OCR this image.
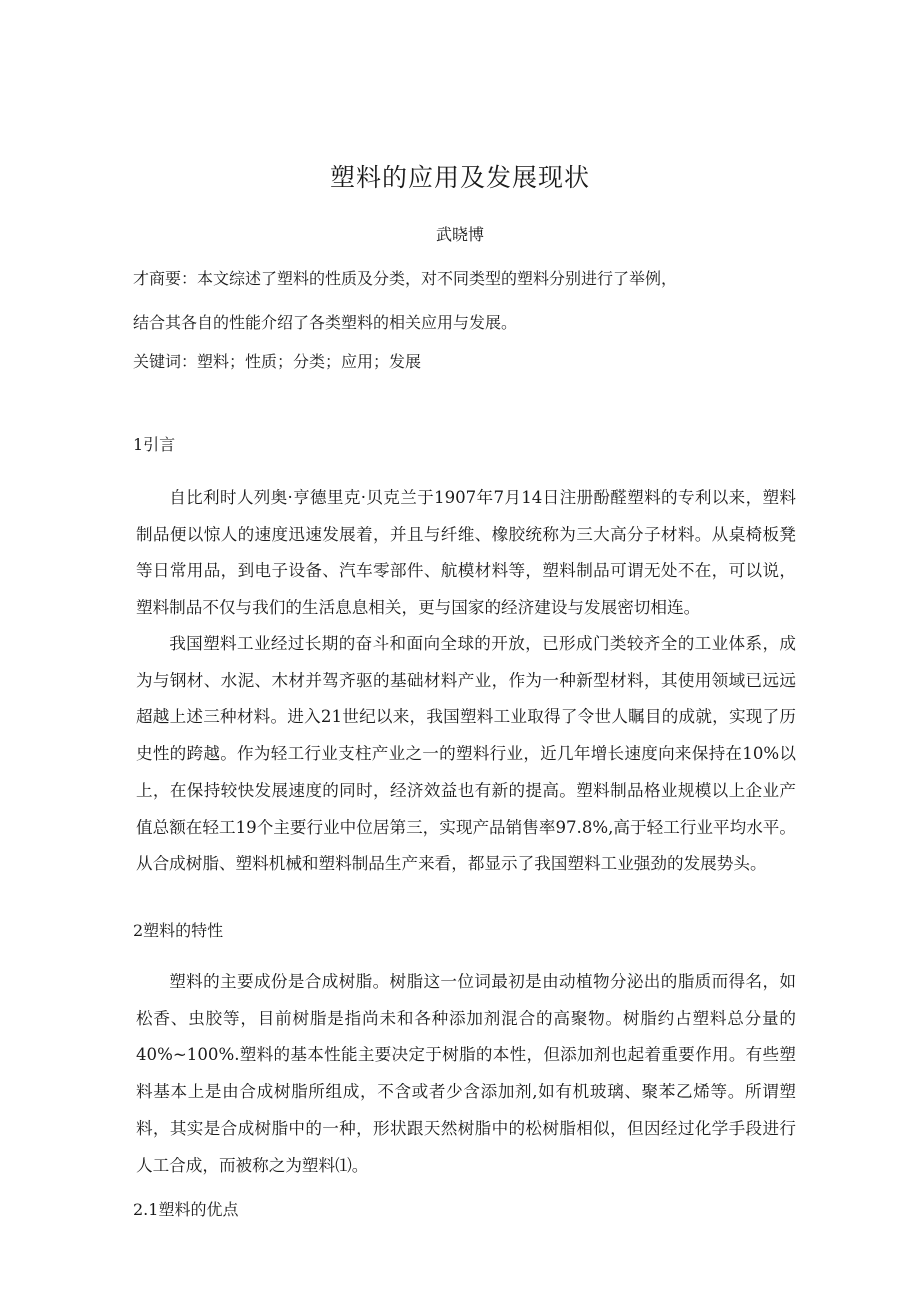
塑料的应用及发展现状
武晓博
才商要：本文综述了塑料的性质及分类，对不同类型的塑料分别进行了举例，
结合其各自的性能介绍了各类塑料的相关应用与发展。
关键词：塑料；性质；分类；应用；发展
1引言

自比利时人列奥·亨德里克·贝克兰于1907年7月14日注册酚醛塑料的专利以来，塑料制品便以惊人的速度迅速发展着，并且与纤维、橡胶统称为三大高分子材料。从桌椅板凳等日常用品，到电子设备、汽车零部件、航模材料等，塑料制品可谓无处不在，可以说，塑料制品不仅与我们的生活息息相关，更与国家的经济建设与发展密切相连。

我国塑料工业经过长期的奋斗和面向全球的开放，已形成门类较齐全的工业体系，成为与钢材、水泥、木材并驾齐驱的基础材料产业，作为一种新型材料，其使用领域已远远超越上述三种材料。进入21世纪以来，我国塑料工业取得了令世人瞩目的成就，实现了历史性的跨越。作为轻工行业支柱产业之一的塑料行业，近几年增长速度向来保持在10%以上，在保持较快发展速度的同时，经济效益也有新的提高。塑料制品格业规模以上企业产值总额在轻工19个主要行业中位居第三，实现产品销售率97.8%,高于轻工行业平均水平。从合成树脂、塑料机械和塑料制品生产来看，都显示了我国塑料工业强劲的发展势头。

2塑料的特性

塑料的主要成份是合成树脂。树脂这一位词最初是由动植物分泌出的脂质而得名，如松香、虫胶等，目前树脂是指尚未和各种添加剂混合的高聚物。树脂约占塑料总分量的40%~100%.塑料的基本性能主要决定于树脂的本性，但添加剂也起着重要作用。有些塑料基本上是由合成树脂所组成，不含或者少含添加剂,如有机玻璃、聚苯乙烯等。所谓塑料，其实是合成树脂中的一种，形状跟天然树脂中的松树脂相似，但因经过化学手段进行人工合成，而被称之为塑料⑴。

2.1塑料的优点
